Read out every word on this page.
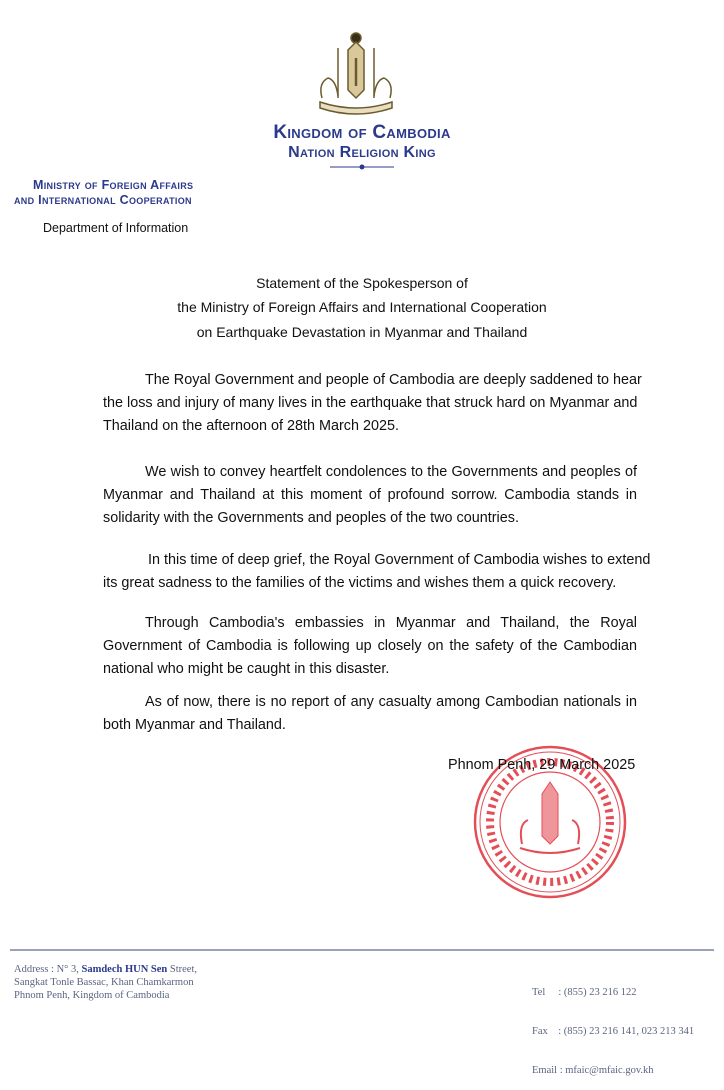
Kingdom of Cambodia
Nation Religion King
Ministry of Foreign Affairs
and International Cooperation
Department of Information
Statement of the Spokesperson of
the Ministry of Foreign Affairs and International Cooperation
on Earthquake Devastation in Myanmar and Thailand
The Royal Government and people of Cambodia are deeply saddened to hear
the loss and injury of many lives in the earthquake that struck hard on Myanmar and
Thailand on the afternoon of 28th March 2025.
We wish to convey heartfelt condolences to the Governments and peoples of
Myanmar and Thailand at this moment of profound sorrow. Cambodia stands in
solidarity with the Governments and peoples of the two countries.
In this time of deep grief, the Royal Government of Cambodia wishes to extend
its great sadness to the families of the victims and wishes them a quick recovery.
Through Cambodia's embassies in Myanmar and Thailand, the Royal
Government of Cambodia is following up closely on the safety of the Cambodian
national who might be caught in this disaster.
As of now, there is no report of any casualty among Cambodian nationals in
both Myanmar and Thailand.
Phnom Penh, 29 March 2025
Address : N° 3, Samdech HUN Sen Street,
Sangkat Tonle Bassac, Khan Chamkarmon
Phnom Penh, Kingdom of Cambodia

	Tel     : (855) 23 216 122

Fax    : (855) 23 216 141, 023 213 341

Email : mfaic@mfaic.gov.kh
